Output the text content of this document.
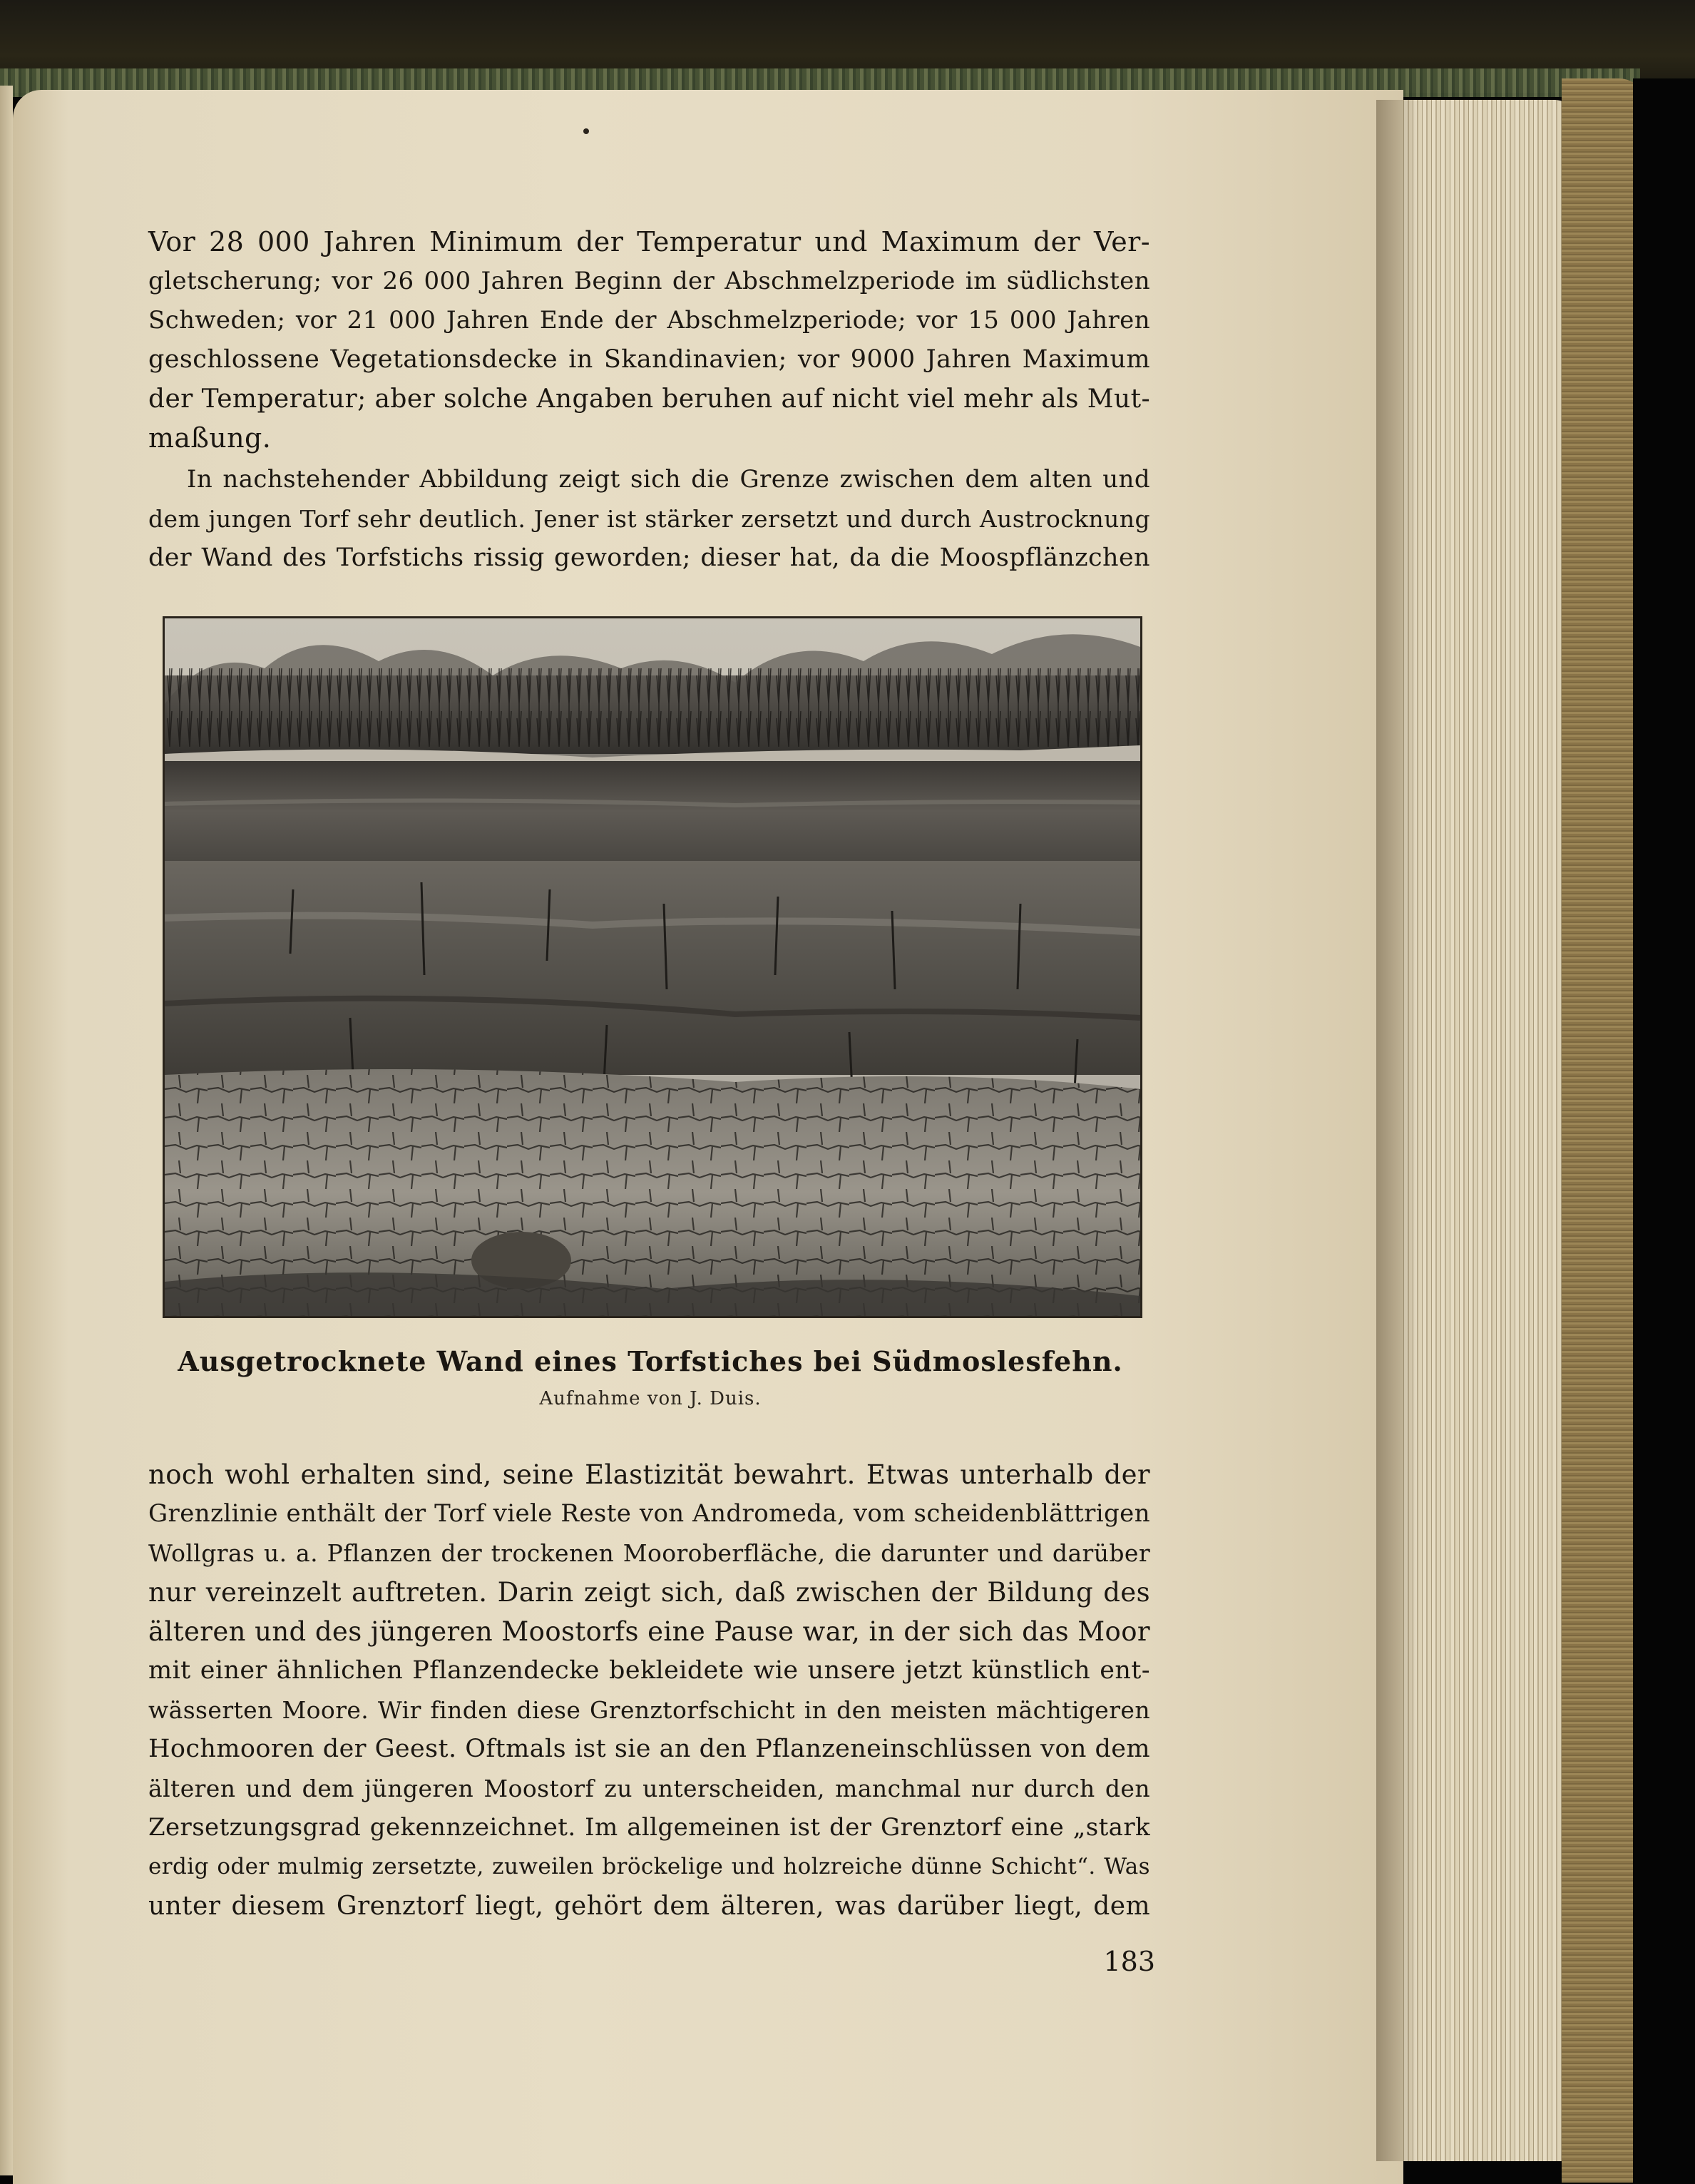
Vor 28 000 Jahren Minimum der Temperatur und Maximum der Ver-
gletscherung; vor 26 000 Jahren Beginn der Abschmelzperiode im südlichsten
Schweden; vor 21 000 Jahren Ende der Abschmelzperiode; vor 15 000 Jahren
geschlossene Vegetationsdecke in Skandinavien; vor 9000 Jahren Maximum
der Temperatur; aber solche Angaben beruhen auf nicht viel mehr als Mut-
maßung.
In nachstehender Abbildung zeigt sich die Grenze zwischen dem alten und
dem jungen Torf sehr deutlich. Jener ist stärker zersetzt und durch Austrocknung
der Wand des Torfstichs rissig geworden; dieser hat, da die Moospflänzchen
Ausgetrocknete Wand eines Torfstiches bei Südmoslesfehn.
Aufnahme von J. Duis.
noch wohl erhalten sind, seine Elastizität bewahrt. Etwas unterhalb der
Grenzlinie enthält der Torf viele Reste von Andromeda, vom scheidenblättrigen
Wollgras u. a. Pflanzen der trockenen Mooroberfläche, die darunter und darüber
nur vereinzelt auftreten. Darin zeigt sich, daß zwischen der Bildung des
älteren und des jüngeren Moostorfs eine Pause war, in der sich das Moor
mit einer ähnlichen Pflanzendecke bekleidete wie unsere jetzt künstlich ent-
wässerten Moore. Wir finden diese Grenztorfschicht in den meisten mächtigeren
Hochmooren der Geest. Oftmals ist sie an den Pflanzeneinschlüssen von dem
älteren und dem jüngeren Moostorf zu unterscheiden, manchmal nur durch den
Zersetzungsgrad gekennzeichnet. Im allgemeinen ist der Grenztorf eine „stark
erdig oder mulmig zersetzte, zuweilen bröckelige und holzreiche dünne Schicht“. Was
unter diesem Grenztorf liegt, gehört dem älteren, was darüber liegt, dem
183
